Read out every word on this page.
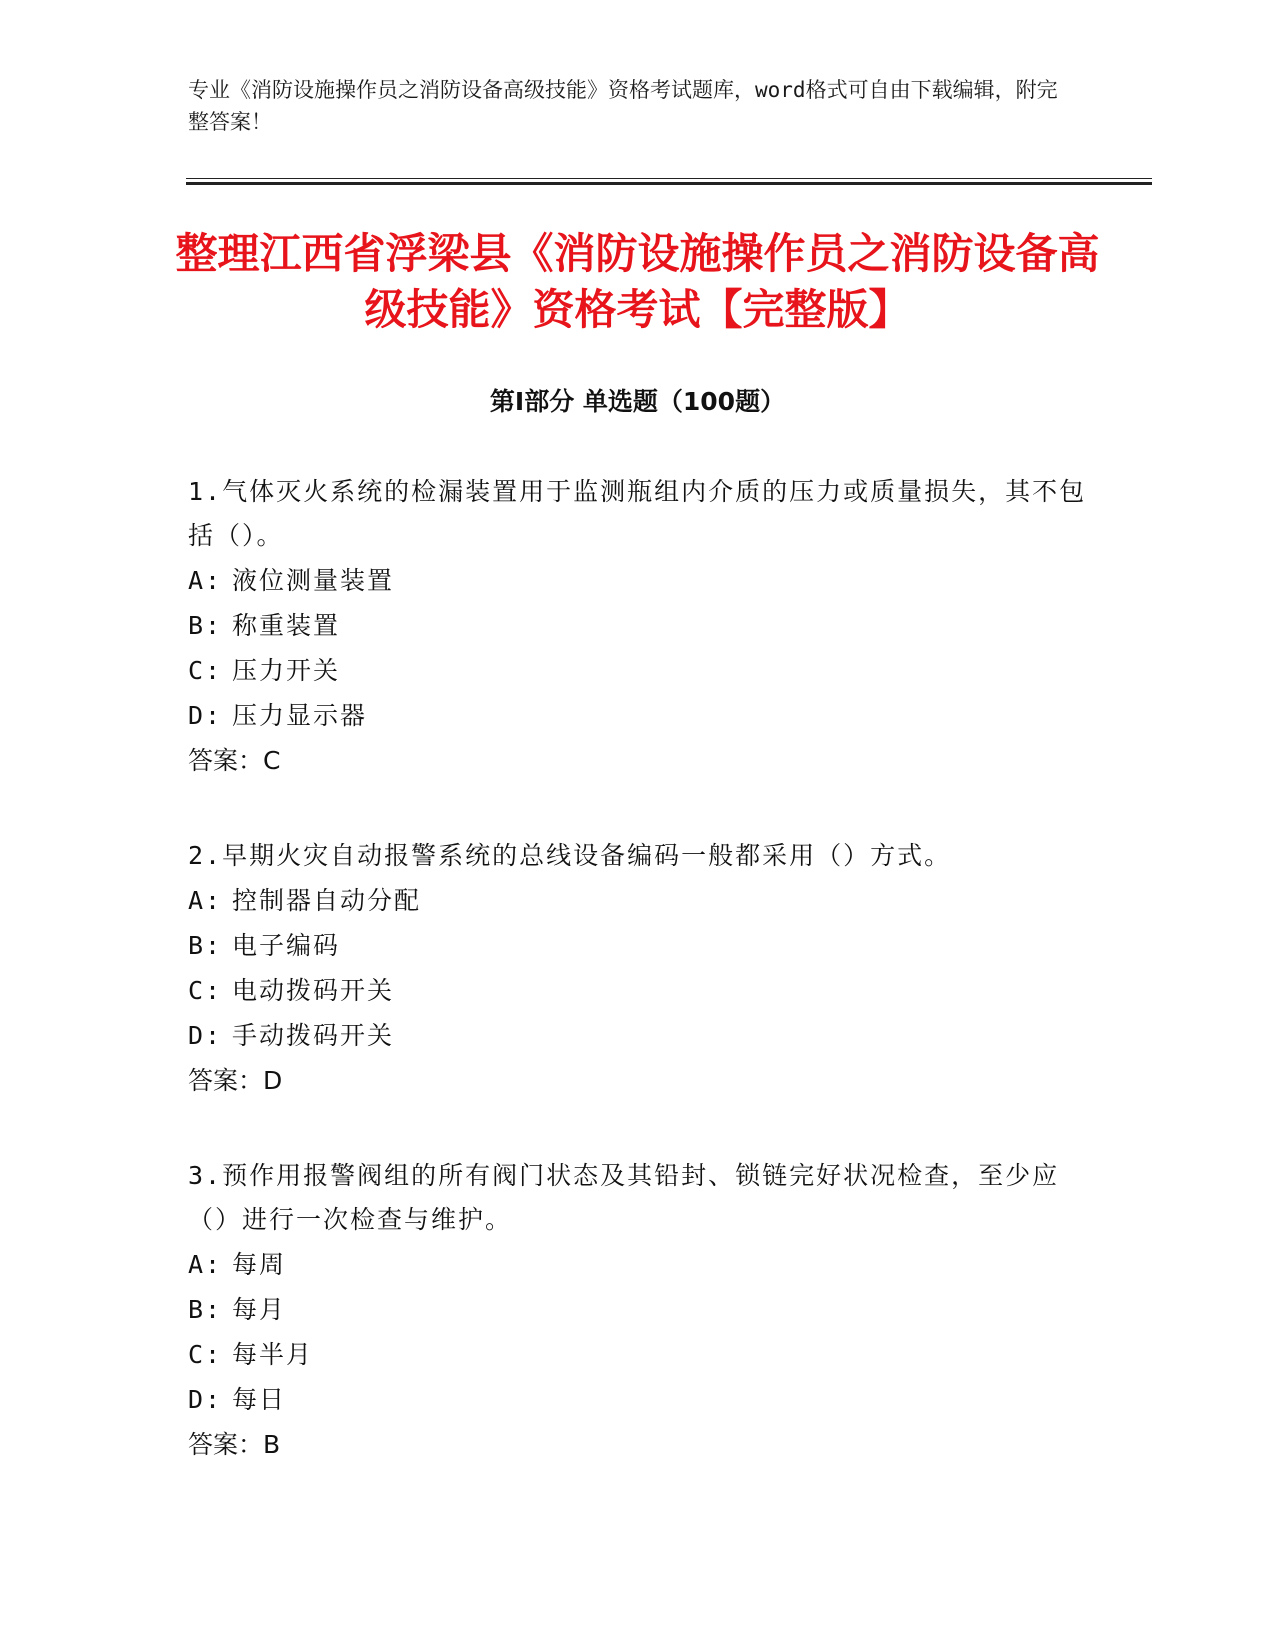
专业《消防设施操作员之消防设备高级技能》资格考试题库，word格式可自由下载编辑，附完整答案！
整理江西省浮梁县《消防设施操作员之消防设备高级技能》资格考试【完整版】
第Ⅰ部分 单选题（100题）

1.气体灭火系统的检漏装置用于监测瓶组内介质的压力或质量损失，其不包括（）。

A: 液位测量装置

B: 称重装置

C: 压力开关

D: 压力显示器

答案：C

2.早期火灾自动报警系统的总线设备编码一般都采用（）方式。

A: 控制器自动分配

B: 电子编码

C: 电动拨码开关

D: 手动拨码开关

答案：D

3.预作用报警阀组的所有阀门状态及其铅封、锁链完好状况检查，至少应（）进行一次检查与维护。

A: 每周

B: 每月

C: 每半月

D: 每日

答案：B
